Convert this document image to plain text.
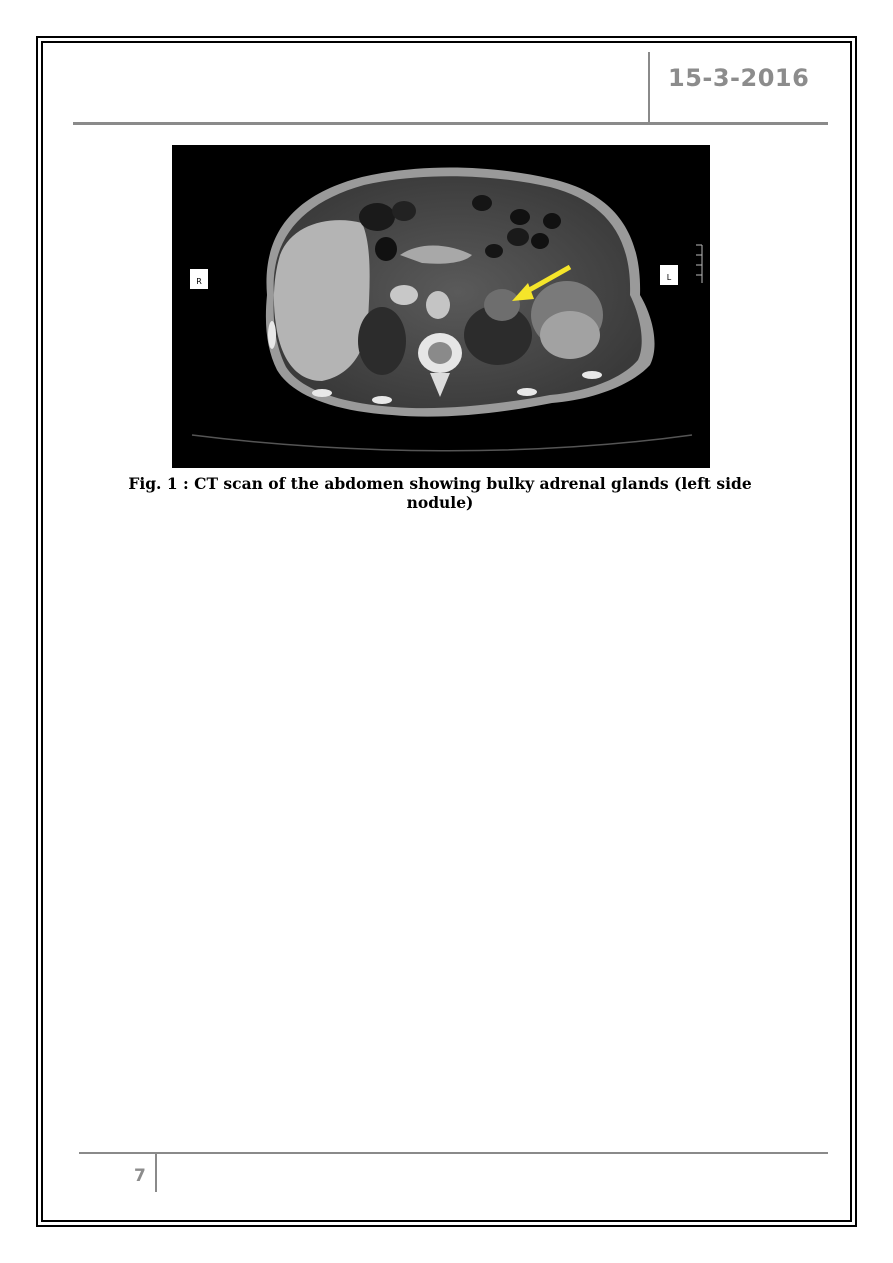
15-3-2016
R	L
Fig. 1 : CT scan of the abdomen showing bulky adrenal glands (left side nodule)
7
